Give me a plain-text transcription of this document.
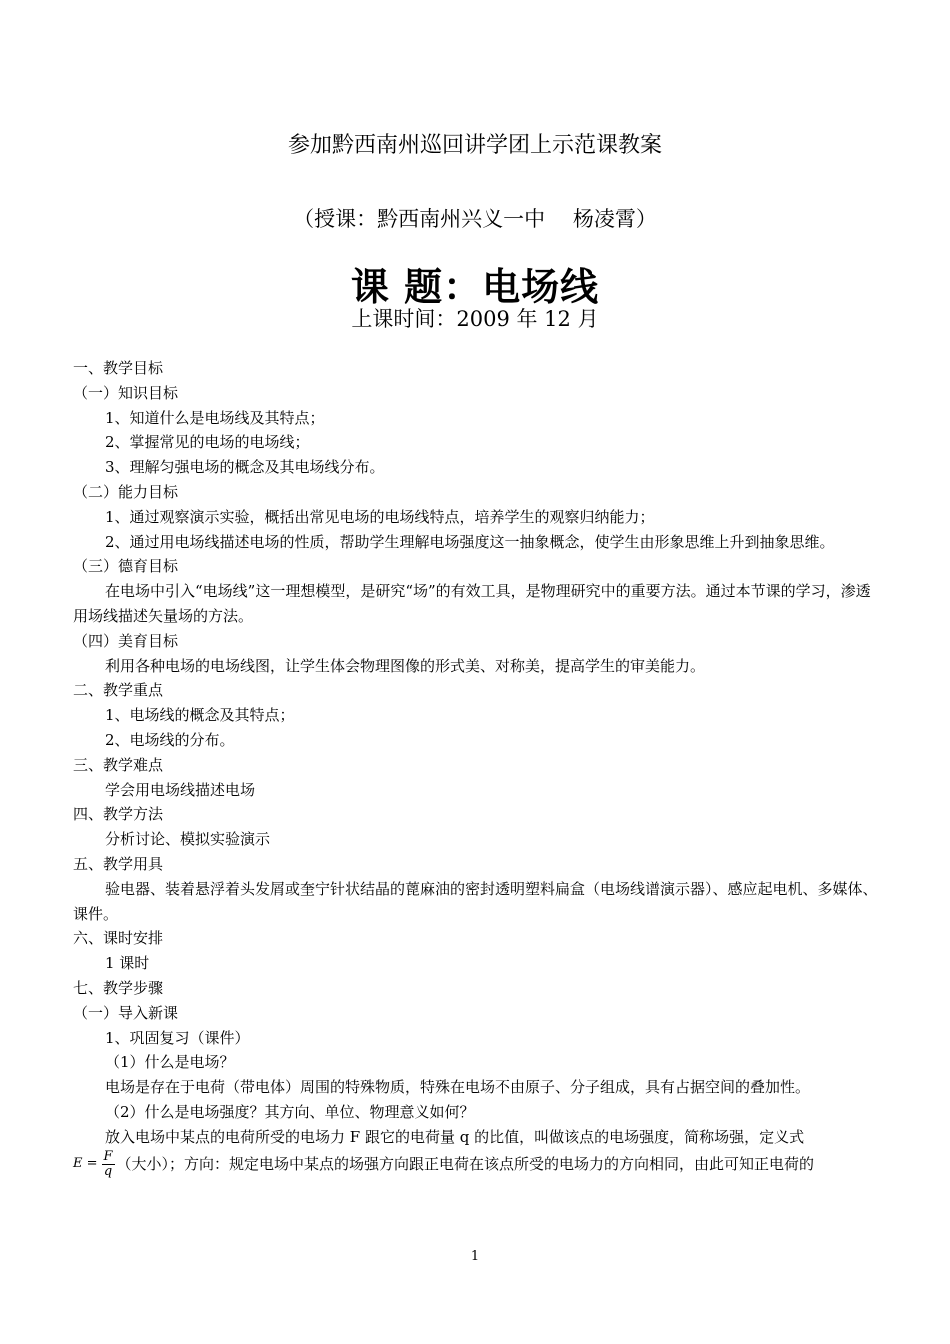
参加黔西南州巡回讲学团上示范课教案
（授课：黔西南州兴义一中　 杨凌霄）
课 题：电场线
上课时间：2009 年 12 月

一、教学目标

（一）知识目标

1、知道什么是电场线及其特点；

2、掌握常见的电场的电场线；

3、理解匀强电场的概念及其电场线分布。

（二）能力目标

1、通过观察演示实验，概括出常见电场的电场线特点，培养学生的观察归纳能力；

2、通过用电场线描述电场的性质，帮助学生理解电场强度这一抽象概念，使学生由形象思维上升到抽象思维。

（三）德育目标

在电场中引入“电场线”这一理想模型，是研究“场”的有效工具，是物理研究中的重要方法。通过本节课的学习，渗透用场线描述矢量场的方法。

（四）美育目标

利用各种电场的电场线图，让学生体会物理图像的形式美、对称美，提高学生的审美能力。

二、教学重点

1、电场线的概念及其特点；

2、电场线的分布。

三、教学难点

学会用电场线描述电场

四、教学方法

分析讨论、模拟实验演示

五、教学用具

验电器、装着悬浮着头发屑或奎宁针状结晶的蓖麻油的密封透明塑料扁盒（电场线谱演示器）、感应起电机、多媒体、课件。

六、课时安排

1 课时

七、教学步骤

（一）导入新课

1、巩固复习（课件）

（1）什么是电场？

电场是存在于电荷（带电体）周围的特殊物质，特殊在电场不由原子、分子组成，具有占据空间的叠加性。

（2）什么是电场强度？其方向、单位、物理意义如何？

放入电场中某点的电荷所受的电场力 F 跟它的电荷量 q 的比值，叫做该点的电场强度，简称场强，定义式

$E = \frac{F}{q}$ （大小）；方向：规定电场中某点的场强方向跟正电荷在该点所受的电场力的方向相同，由此可知正电荷的

1
